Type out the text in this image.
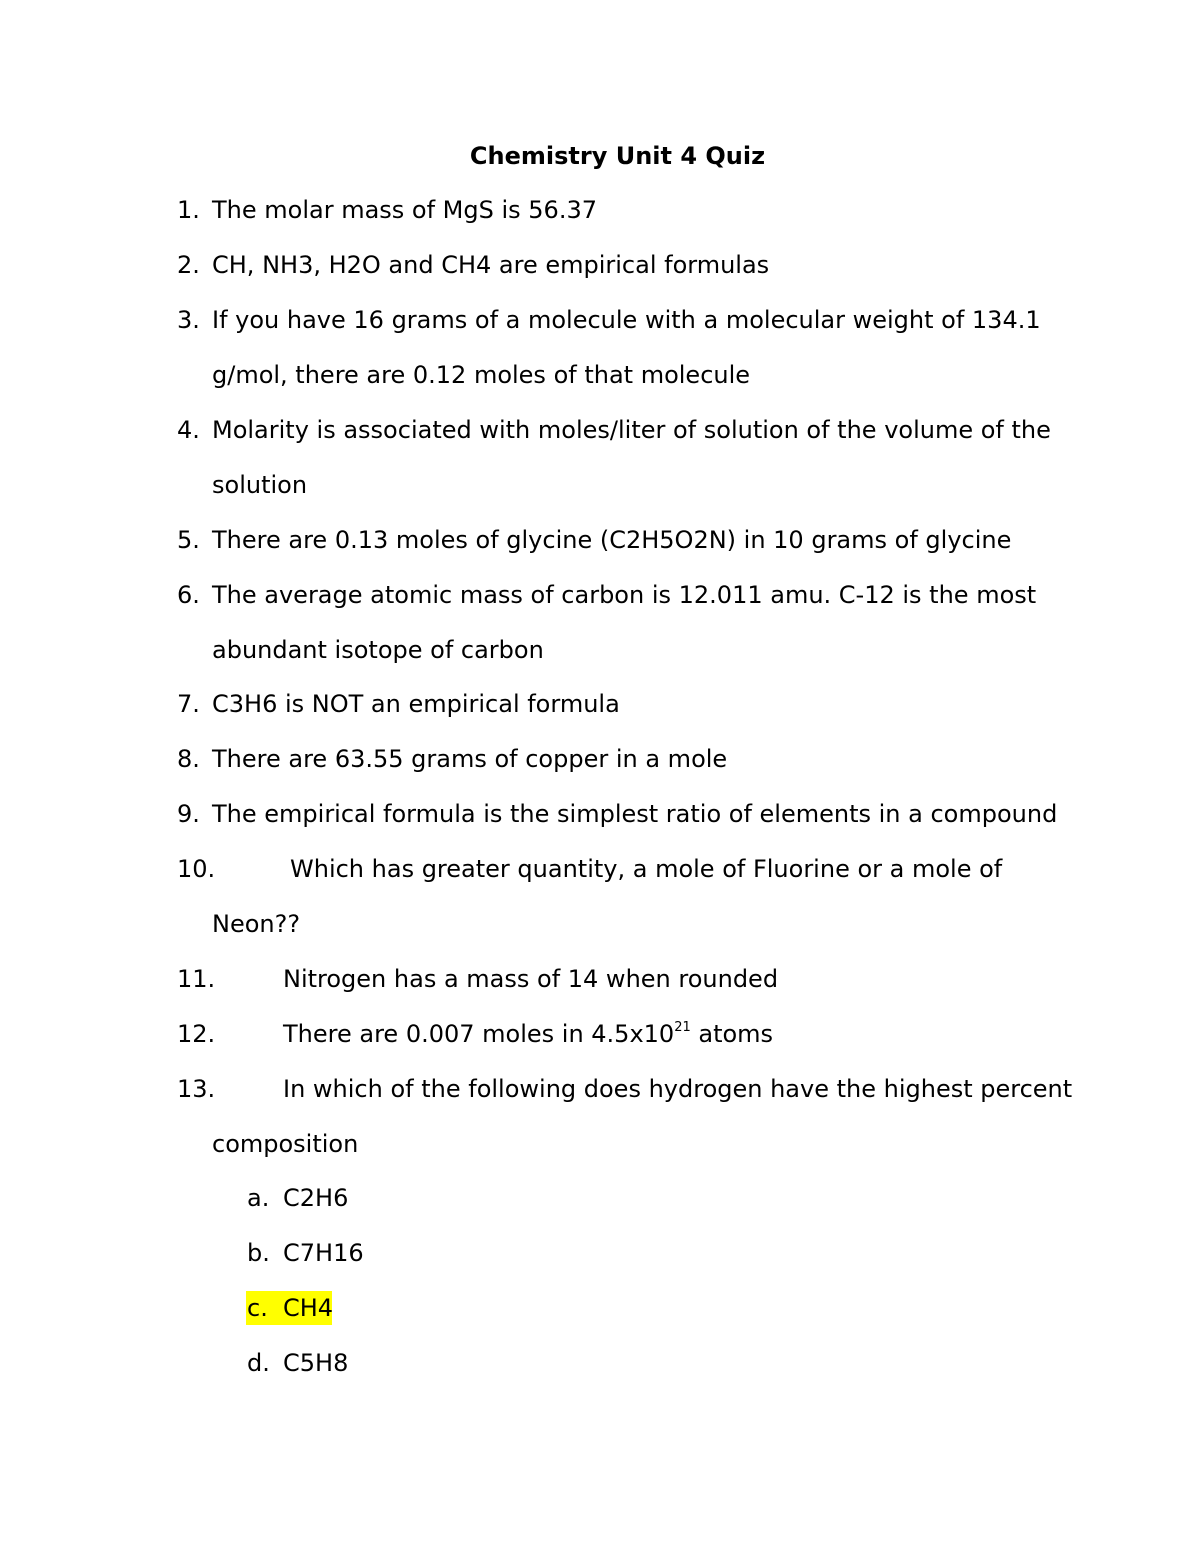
Chemistry Unit 4 Quiz
1. The molar mass of MgS is 56.37
2. CH, NH3, H2O and CH4 are empirical formulas
3. If you have 16 grams of a molecule with a molecular weight of 134.1
g/mol, there are 0.12 moles of that molecule
4. Molarity is associated with moles/liter of solution of the volume of the
solution
5. There are 0.13 moles of glycine (C2H5O2N) in 10 grams of glycine
6. The average atomic mass of carbon is 12.011 amu. C-12 is the most
abundant isotope of carbon
7. C3H6 is NOT an empirical formula
8. There are 63.55 grams of copper in a mole
9. The empirical formula is the simplest ratio of elements in a compound
10.	Which has greater quantity, a mole of Fluorine or a mole of
Neon??
11.	Nitrogen has a mass of 14 when rounded
12.	There are 0.007 moles in $4.5x10^{21}$ atoms
13.	In which of the following does hydrogen have the highest percent
composition
a. C2H6
b. C7H16
c. CH4
d. C5H8
